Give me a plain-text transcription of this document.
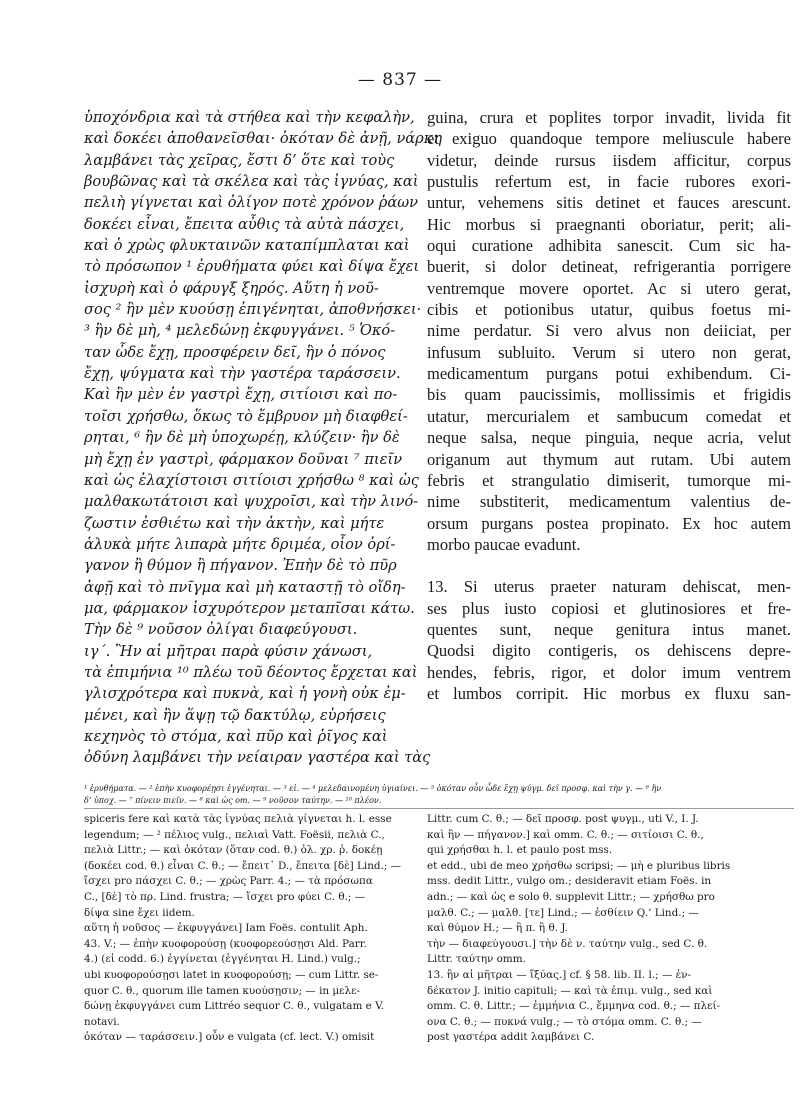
— 837 —
ὑποχόνδρια καὶ τὰ στήθεα καὶ τὴν κεφαλὴν,
καὶ δοκέει ἀποθανεῖσθαι· ὁκόταν δὲ ἀνῇ, νάρκη
λαμβάνει τὰς χεῖρας, ἔστι δ’ ὅτε καὶ τοὺς
βουβῶνας καὶ τὰ σκέλεα καὶ τὰς ἰγνύας, καὶ
πελιὴ γίγνεται καὶ ὀλίγον ποτὲ χρόνον ῥάων
δοκέει εἶναι, ἔπειτα αὖθις τὰ αὐτὰ πάσχει,
καὶ ὁ χρὼς φλυκταινῶν καταπίμπλαται καὶ
τὸ πρόσωπον ¹ ἐρυθήματα φύει καὶ δίψα ἔχει
ἰσχυρὴ καὶ ὁ φάρυγξ ξηρός. Αὕτη ἡ νοῦ-
σος ² ἢν μὲν κυούσῃ ἐπιγένηται, ἀποθνήσκει·
³ ἢν δὲ μὴ, ⁴ μελεδώνῃ ἐκφυγγάνει. ⁵ Ὁκό-
ταν ὧδε ἔχῃ, προσφέρειν δεῖ, ἢν ὁ πόνος
ἔχῃ, ψύγματα καὶ τὴν γαστέρα ταράσσειν.
Καὶ ἢν μὲν ἐν γαστρὶ ἔχῃ, σιτίοισι καὶ πο-
τοῖσι χρήσθω, ὅκως τὸ ἔμβρυον μὴ διαφθεί-
ρηται, ⁶ ἢν δὲ μὴ ὑποχωρέῃ, κλύζειν· ἢν δὲ
μὴ ἔχῃ ἐν γαστρὶ, φάρμακον δοῦναι ⁷ πιεῖν
καὶ ὡς ἐλαχίστοισι σιτίοισι χρήσθω ⁸ καὶ ὡς
μαλθακωτάτοισι καὶ ψυχροῖσι, καὶ τὴν λινό-
ζωστιν ἐσθιέτω καὶ τὴν ἀκτὴν, καὶ μήτε
ἁλυκὰ μήτε λιπαρὰ μήτε δριμέα, οἷον ὀρί-
γανον ἢ θύμον ἢ πήγανον. Ἐπὴν δὲ τὸ πῦρ
ἀφῇ καὶ τὸ πνῖγμα καὶ μὴ καταστῇ τὸ οἴδη-
μα, φάρμακον ἰσχυρότερον μεταπῖσαι κάτω.
Τὴν δὲ ⁹ νοῦσον ὀλίγαι διαφεύγουσι.
ιγ΄. Ἢν αἱ μῆτραι παρὰ φύσιν χάνωσι,
τὰ ἐπιμήνια ¹⁰ πλέω τοῦ δέοντος ἔρχεται καὶ
γλισχρότερα καὶ πυκνὰ, καὶ ἡ γονὴ οὐκ ἐμ-
μένει, καὶ ἢν ἅψῃ τῷ δακτύλῳ, εὑρήσεις
κεχηνὸς τὸ στόμα, καὶ πῦρ καὶ ῥῖγος καὶ
ὀδύνη λαμβάνει τὴν νείαιραν γαστέρα καὶ τὰς
guina, crura et poplites torpor invadit, livida fit
et exiguo quandoque tempore meliuscule habere
videtur, deinde rursus iisdem afficitur, corpus
pustulis refertum est, in facie rubores exori-
untur, vehemens sitis detinet et fauces arescunt.
Hic morbus si praegnanti oboriatur, perit; ali-
oqui curatione adhibita sanescit. Cum sic ha-
buerit, si dolor detineat, refrigerantia porrigere
ventremque movere oportet. Ac si utero gerat,
cibis et potionibus utatur, quibus foetus mi-
nime perdatur. Si vero alvus non deiiciat, per
infusum subluito. Verum si utero non gerat,
medicamentum purgans potui exhibendum. Ci-
bis quam paucissimis, mollissimis et frigidis
utatur, mercurialem et sambucum comedat et
neque salsa, neque pinguia, neque acria, velut
origanum aut thymum aut rutam. Ubi autem
febris et strangulatio dimiserit, tumorque mi-
nime substiterit, medicamentum valentius de-
orsum purgans postea propinato. Ex hoc autem
morbo paucae evadunt.
13. Si uterus praeter naturam dehiscat, men-
ses plus iusto copiosi et glutinosiores et fre-
quentes sunt, neque genitura intus manet.
Quodsi digito contigeris, os dehiscens depre-
hendes, febris, rigor, et dolor imum ventrem
et lumbos corripit. Hic morbus ex fluxu san-
¹ ἐρυθήματα. — ² ἐπὴν κυοφορέῃσι ἐγγένηται. — ³ εἰ. — ⁴ μελεδαινομένη ὑγιαίνει. — ⁵ ὁκόταν οὖν ὧδε ἔχῃ ψύγμ. δεῖ προσφ. καὶ τὴν γ. — ⁶ ἢν
δ’ ὑποχ. — ⁷ πίνειν πιεῖν. — ⁸ καὶ ὡς om. — ⁹ νοῦσον ταύτην. — ¹⁰ πλέον.
spiceris fere καὶ κατὰ τὰς ἰγνύας πελιὰ γίγνεται h. l. esse
legendum; — ² πέλιος vulg., πελιαὶ Vatt. Foësii, πελιὰ C.,
πελιὰ Littr.; — καὶ ὀκόταν (ὅταν cod. θ.) ὀλ. χρ. ῥ. δοκέῃ
(δοκέει cod. θ.) εἶναι C. θ.; — ἔπειτ᾽ D., ἔπειτα [δὲ] Lind.; —
ἴσχει pro πάσχει C. θ.; — χρὼς Parr. 4.; — τὰ πρόσωπα
C., [δὲ] τὸ πρ. Lind. frustra; — ἴσχει pro φύει C. θ.; —
δίψα sine ἔχει iidem.
αὕτη ἡ νοῦσος — ἐκφυγγάνει] Iam Foës. contulit Aph.
43. V.; — ἐπὴν κυοφορούσῃ (κυοφορεούσῃσι Ald. Parr.
4.) (εἰ codd. 6.) ἐγγίνεται (ἐγγένηται H. Lind.) vulg.;
ubi κυοφορούσῃσι latet in κυοφορούσῃ; — cum Littr. se-
quor C. θ., quorum ille tamen κυούσῃσιν; — in μελε-
δώνῃ ἐκφυγγάνει cum Littréo sequor C. θ., vulgatam e V.
notavi.
ὁκόταν — ταράσσειν.] οὖν e vulgata (cf. lect. V.) omisit
Littr. cum C. θ.; — δεῖ προσφ. post ψυγμ., uti V., I. J.
καὶ ἢν — πήγανον.] καὶ omm. C. θ.; — σιτίοισι C. θ.,
qui χρήσθαι h. l. et paulo post mss.
et edd., ubi de meo χρήσθω scripsi; — μὴ e pluribus libris
mss. dedit Littr., vulgo om.; desideravit etiam Foës. in
adn.; — καὶ ὡς e solo θ. supplevit Littr.; — χρήσθω pro
μαλθ. C.; — μαλθ. [τε] Lind.; — ἐσθίειν Q.’ Lind.; —
καὶ θύμον H.; — ἢ π. ἢ θ. J.
τὴν — διαφεύγουσι.] τὴν δὲ ν. ταύτην vulg., sed C. θ.
Littr. ταύτην omm.
13. ἢν αἱ μῆτραι — ἴξύας.] cf. § 58. lib. II. l.; — ἐν-
δέκατον J. initio capituli; — καὶ τὰ ἐπιμ. vulg., sed καὶ
omm. C. θ. Littr.; — ἐμμήνια C., ἔμμηνα cod. θ.; — πλεί-
ονα C. θ.; — πυκνά vulg.; — τὸ στόμα omm. C. θ.; —
post γαστέρα addit λαμβάνει C.
